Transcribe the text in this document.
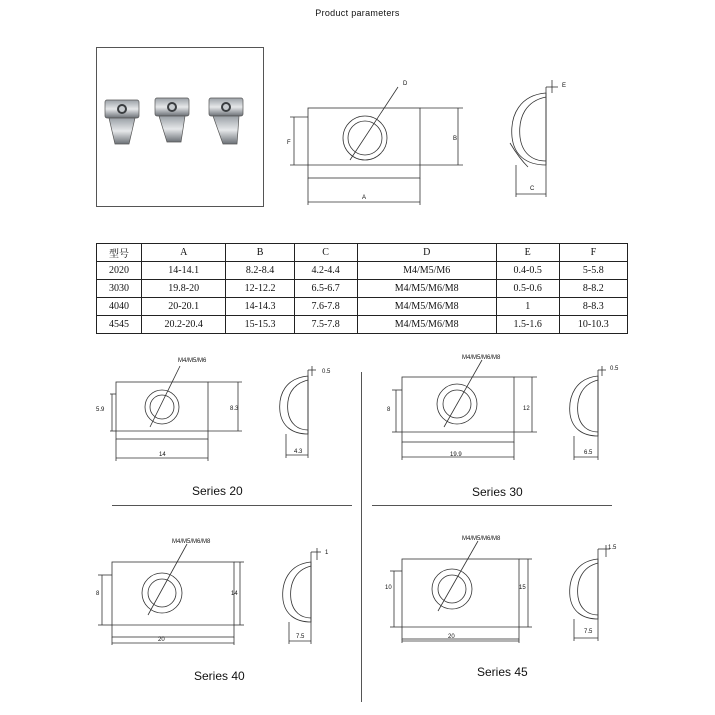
Product parameters
D
B
F
A
E
C
型号	A	B	C	D	E	F
2020	14-14.1	8.2-8.4	4.2-4.4	M4/M5/M6	0.4-0.5	5-5.8
3030	19.8-20	12-12.2	6.5-6.7	M4/M5/M6/M8	0.5-0.6	8-8.2
4040	20-20.1	14-14.3	7.6-7.8	M4/M5/M6/M8	1	8-8.3
4545	20.2-20.4	15-15.3	7.5-7.8	M4/M5/M6/M8	1.5-1.6	10-10.3
M4/M5/M6
5.9	8.3
14
0.5
4.3
Series 20
M4/M5/M6/M8
8	12
19.9
0.5
6.5
Series 30
M4/M5/M6/M8
8	14
20
1
7.5
Series 40
M4/M5/M6/M8
10	15
20
1.5
7.5
Series 45
